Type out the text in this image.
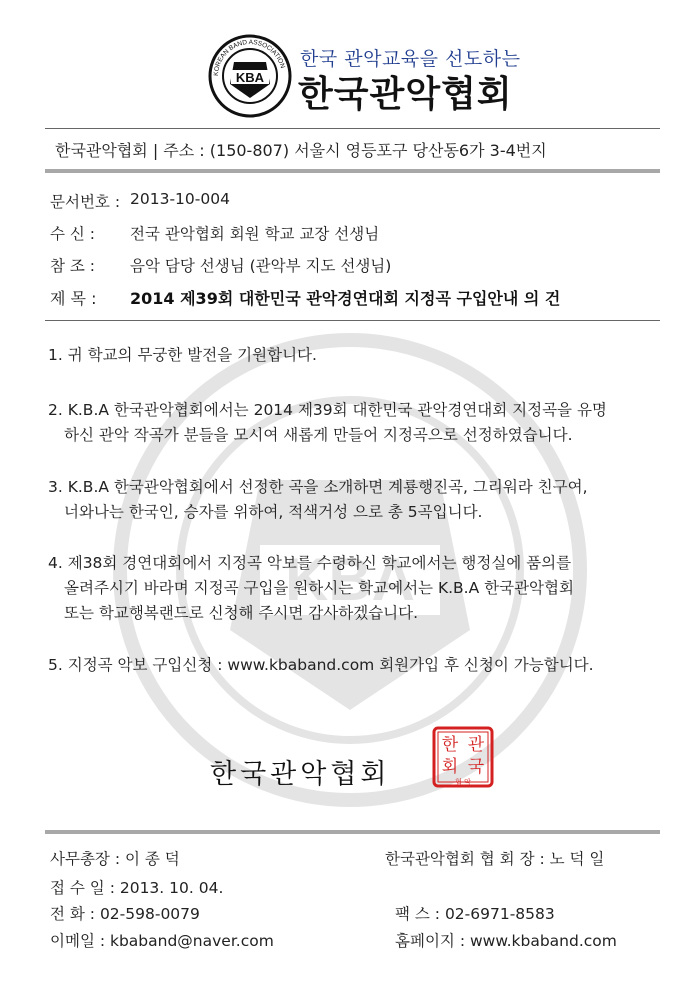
KBA
KBA
KOREAN BAND ASSOCIATION 한국 관악교육을 선도하는
한국관악협회
한국관악협회 | 주소 : (150-807) 서울시 영등포구 당산동6가 3-4번지
문서번호 : 2013-10-004
수 신 :	전국 관악협회 회원 학교 교장 선생님
참 조 :	음악 담당 선생님 (관악부 지도 선생님)
제 목 :	2014 제39회 대한민국 관악경연대회 지정곡 구입안내 의 건
1. 귀 학교의 무궁한 발전을 기원합니다.
2. K.B.A 한국관악협회에서는 2014 제39회 대한민국 관악경연대회 지정곡을 유명
하신 관악 작곡가 분들을 모시여 새롭게 만들어 지정곡으로 선정하였습니다.
3. K.B.A 한국관악협회에서 선정한 곡을 소개하면 계룡행진곡, 그리워라 친구여,
너와나는 한국인, 승자를 위하여, 적색거성 으로 총 5곡입니다.
4. 제38회 경연대회에서 지정곡 악보를 수령하신 학교에서는 행정실에 품의를
올려주시기 바라며 지정곡 구입을 원하시는 학교에서는 K.B.A 한국관악협회
또는 학교행복랜드로 신청해 주시면 감사하겠습니다.
5. 지정곡 악보 구입신청 : www.kbaband.com 회원가입 후 신청이 가능합니다.
한국관악협회
관
국
한
회
협 악
사무총장 : 이 종 덕	한국관악협회 협 회 장 : 노 덕 일
접 수 일 : 2013. 10. 04.
전 화 : 02-598-0079	팩 스 : 02-6971-8583
이메일 : kbaband@naver.com	홈페이지 : www.kbaband.com
